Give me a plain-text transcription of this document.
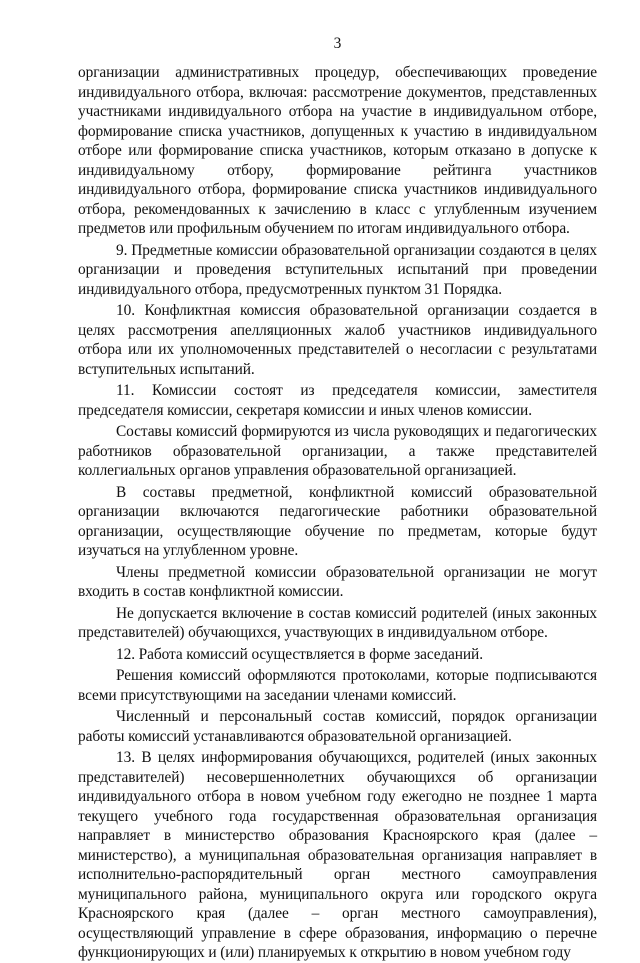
3

организации административных процедур, обеспечивающих проведение индивидуального отбора, включая: рассмотрение документов, представленных участниками индивидуального отбора на участие в индивидуальном отборе, формирование списка участников, допущенных к участию в индивидуальном отборе или формирование списка участников, которым отказано в допуске к индивидуальному отбору, формирование рейтинга участников индивидуального отбора, формирование списка участников индивидуального отбора, рекомендованных к зачислению в класс с углубленным изучением предметов или профильным обучением по итогам индивидуального отбора.

9. Предметные комиссии образовательной организации создаются в целях организации и проведения вступительных испытаний при проведении индивидуального отбора, предусмотренных пунктом 31 Порядка.

10. Конфликтная комиссия образовательной организации создается в целях рассмотрения апелляционных жалоб участников индивидуального отбора или их уполномоченных представителей о несогласии с результатами вступительных испытаний.

11. Комиссии состоят из председателя комиссии, заместителя председателя комиссии, секретаря комиссии и иных членов комиссии.

Составы комиссий формируются из числа руководящих и педагогических работников образовательной организации, а также представителей коллегиальных органов управления образовательной организацией.

В составы предметной, конфликтной комиссий образовательной организации включаются педагогические работники образовательной организации, осуществляющие обучение по предметам, которые будут изучаться на углубленном уровне.

Члены предметной комиссии образовательной организации не могут входить в состав конфликтной комиссии.

Не допускается включение в состав комиссий родителей (иных законных представителей) обучающихся, участвующих в индивидуальном отборе.

12. Работа комиссий осуществляется в форме заседаний.

Решения комиссий оформляются протоколами, которые подписываются всеми присутствующими на заседании членами комиссий.

Численный и персональный состав комиссий, порядок организации работы комиссий устанавливаются образовательной организацией.

13. В целях информирования обучающихся, родителей (иных законных представителей) несовершеннолетних обучающихся об организации индивидуального отбора в новом учебном году ежегодно не позднее 1 марта текущего учебного года государственная образовательная организация направляет в министерство образования Красноярского края (далее – министерство), а муниципальная образовательная организация направляет в исполнительно-распорядительный орган местного самоуправления муниципального района, муниципального округа или городского округа Красноярского края (далее – орган местного самоуправления), осуществляющий управление в сфере образования, информацию о перечне функционирующих и (или) планируемых к открытию в новом учебном году
